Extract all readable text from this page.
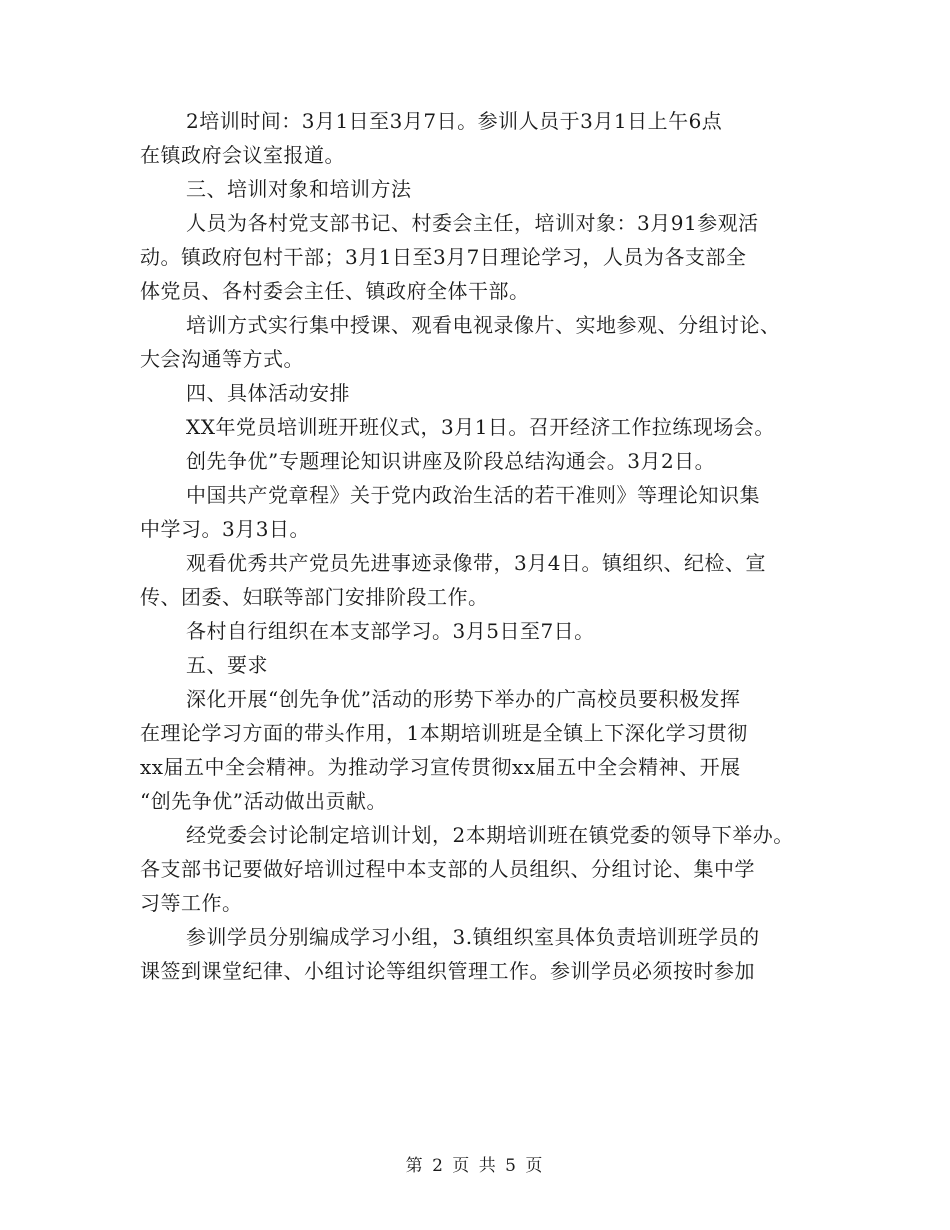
2培训时间：3月1日至3月7日。参训人员于3月1日上午6点
在镇政府会议室报道。
三、培训对象和培训方法
人员为各村党支部书记、村委会主任，培训对象：3月91参观活
动。镇政府包村干部；3月1日至3月7日理论学习，人员为各支部全
体党员、各村委会主任、镇政府全体干部。
培训方式实行集中授课、观看电视录像片、实地参观、分组讨论、
大会沟通等方式。
四、具体活动安排
XX年党员培训班开班仪式，3月1日。召开经济工作拉练现场会。
创先争优”专题理论知识讲座及阶段总结沟通会。3月2日。
中国共产党章程》关于党内政治生活的若干准则》等理论知识集
中学习。3月3日。
观看优秀共产党员先进事迹录像带，3月4日。镇组织、纪检、宣
传、团委、妇联等部门安排阶段工作。
各村自行组织在本支部学习。3月5日至7日。
五、要求
深化开展“创先争优”活动的形势下举办的广高校员要积极发挥
在理论学习方面的带头作用，1本期培训班是全镇上下深化学习贯彻
xx届五中全会精神。为推动学习宣传贯彻xx届五中全会精神、开展
“创先争优”活动做出贡献。
经党委会讨论制定培训计划，2本期培训班在镇党委的领导下举办。
各支部书记要做好培训过程中本支部的人员组织、分组讨论、集中学
习等工作。
参训学员分别编成学习小组，3.镇组织室具体负责培训班学员的
课签到课堂纪律、小组讨论等组织管理工作。参训学员必须按时参加
第 2 页 共 5 页
